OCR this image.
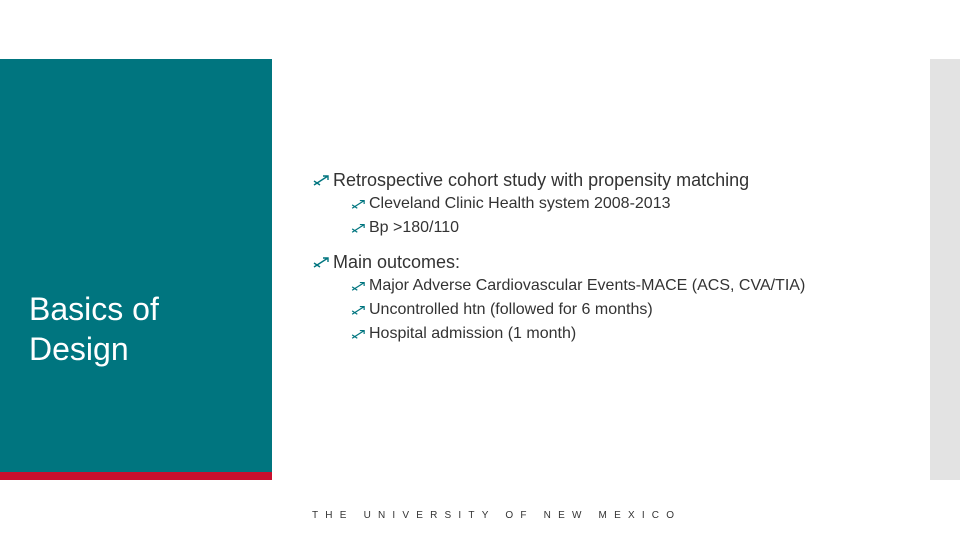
Basics of Design
Retrospective cohort study with propensity matching
Cleveland Clinic Health system 2008-2013
Bp >180/110
Main outcomes:
Major Adverse Cardiovascular Events-MACE (ACS, CVA/TIA)
Uncontrolled htn (followed for 6 months)
Hospital admission (1 month)
THE UNIVERSITY OF NEW MEXICO
